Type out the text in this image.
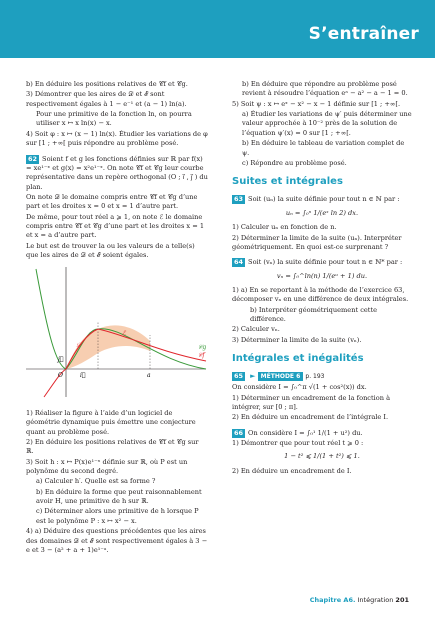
S’entraîner

b) En déduire les positions relatives de 𝒞f et 𝒞g.

3) Démontrer que les aires de 𝒟 et ℰ sont respectivement égales à 1 − e⁻¹ et (a − 1) ln(a).

Pour une primitive de la fonction ln, on pourra utiliser x ↦ x ln(x) − x.

4) Soit φ : x ↦ (x − 1) ln(x). Étudier les variations de φ sur [1 ; +∞[ puis répondre au problème posé.

62 Soient f et g les fonctions définies sur ℝ par f(x) = xe¹⁻ˣ et g(x) = x²e¹⁻ˣ. On note 𝒞f et 𝒞g leur courbe représentative dans un repère orthogonal (O ; i⃗ , j⃗ ) du plan.

On note 𝒟 le domaine compris entre 𝒞f et 𝒞g d’une part et les droites x = 0 et x = 1 d’autre part.

De même, pour tout réel a ⩾ 1, on note ℰ le domaine compris entre 𝒞f et 𝒞g d’une part et les droites x = 1 et x = a d’autre part.

Le but est de trouver la ou les valeurs de a telle(s) que les aires de 𝒟 et ℰ soient égales.

𝒞f
𝒞g
𝒟
ℰ
O	i⃗
j⃗
a

1) Réaliser la figure à l’aide d’un logiciel de géométrie dynamique puis émettre une conjecture quant au problème posé.

2) En déduire les positions relatives de 𝒞f et 𝒞g sur ℝ.

3) Soit h : x ↦ P(x)e¹⁻ˣ définie sur ℝ, où P est un polynôme du second degré.

a) Calculer h′. Quelle est sa forme ?

b) En déduire la forme que peut raisonnablement avoir H, une primitive de h sur ℝ.

c) Déterminer alors une primitive de h lorsque P est le polynôme P : x ↦ x² − x.

4) a) Déduire des questions précédentes que les aires des domaines 𝒟 et ℰ sont respectivement égales à 3 − e et 3 − (a² + a + 1)e¹⁻ᵃ.

b) En déduire que répondre au problème posé revient à résoudre l’équation eᵃ − a² − a − 1 = 0.

5) Soit ψ : x ↦ eˣ − x² − x − 1 définie sur [1 ; +∞[.

a) Étudier les variations de ψ′ puis déterminer une valeur approchée à 10⁻² près de la solution de l’équation ψ′(x) = 0 sur [1 ; +∞[.

b) En déduire le tableau de variation complet de ψ.

c) Répondre au problème posé.

Suites et intégrales

63 Soit (uₙ) la suite définie pour tout n ∈ ℕ par :

uₙ = ∫₀ⁿ 1/(eˣ ln 2) dx.

1) Calculer uₙ en fonction de n.

2) Déterminer la limite de la suite (uₙ). Interpréter géométriquement. En quoi est-ce surprenant ?

64 Soit (vₙ) la suite définie pour tout n ∈ ℕ* par :

vₙ = ∫₀^ln(n) 1/(eᵘ + 1) du.

1) a) En se reportant à la méthode de l’exercice 63, décomposer vₙ en une différence de deux intégrales.

b) Interpréter géométriquement cette différence.

2) Calculer vₙ.

3) Déterminer la limite de la suite (vₙ).

Intégrales et inégalités

65 ► MÉTHODE 6 p. 193

On considère I = ∫₀^π √(1 + cos²(x)) dx.

1) Déterminer un encadrement de la fonction à intégrer, sur [0 ; π].

2) En déduire un encadrement de l’intégrale I.

66 On considère I = ∫₀¹ 1/(1 + u²) du.

1) Démontrer que pour tout réel t ⩾ 0 :

1 − t² ⩽ 1/(1 + t²) ⩽ 1.

2) En déduire un encadrement de I.

Chapitre A6. Intégration 201
